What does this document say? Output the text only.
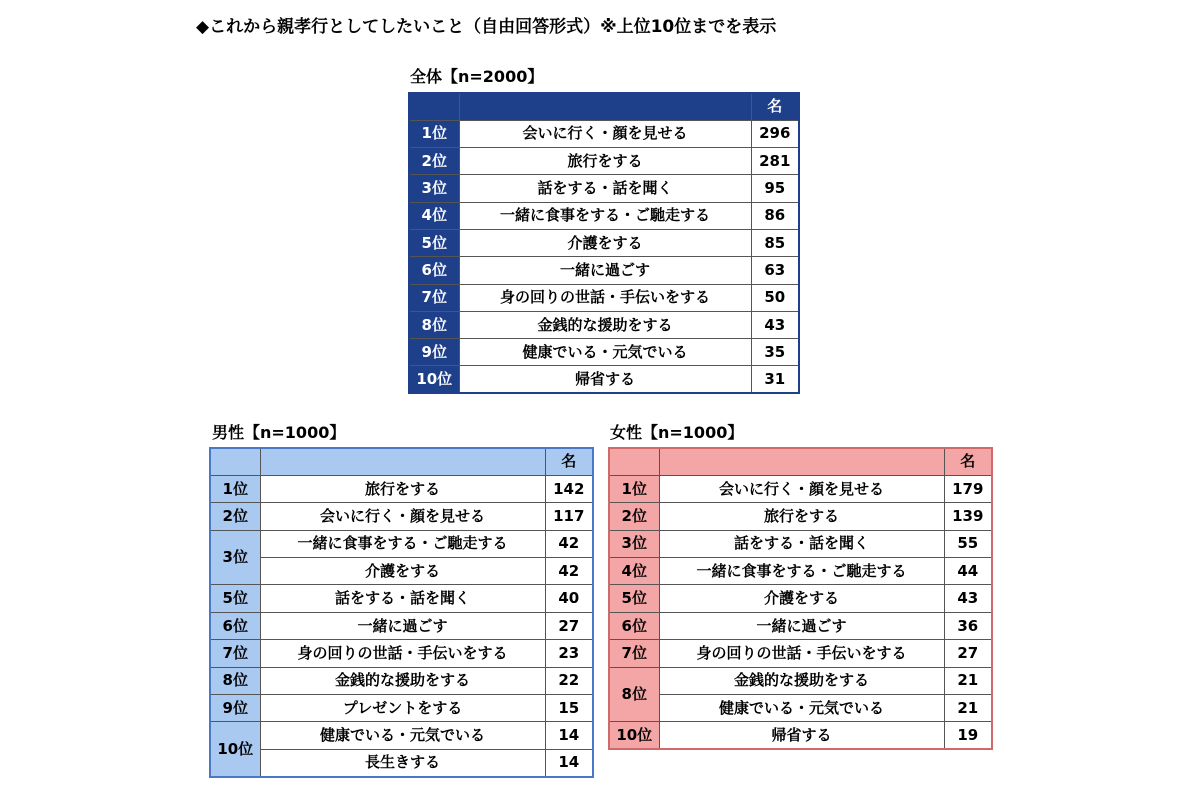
◆これから親孝行としてしたいこと（自由回答形式）※上位10位までを表示
全体【n=2000】
		名
1位	会いに行く・顔を見せる	296
2位	旅行をする	281
3位	話をする・話を聞く	95
4位	一緒に食事をする・ご馳走する	86
5位	介護をする	85
6位	一緒に過ごす	63
7位	身の回りの世話・手伝いをする	50
8位	金銭的な援助をする	43
9位	健康でいる・元気でいる	35
10位	帰省する	31
男性【n=1000】
		名
1位	旅行をする	142
2位	会いに行く・顔を見せる	117
3位	一緒に食事をする・ご馳走する	42
	介護をする	42
5位	話をする・話を聞く	40
6位	一緒に過ごす	27
7位	身の回りの世話・手伝いをする	23
8位	金銭的な援助をする	22
9位	プレゼントをする	15
10位	健康でいる・元気でいる	14
	長生きする	14
女性【n=1000】
		名
1位	会いに行く・顔を見せる	179
2位	旅行をする	139
3位	話をする・話を聞く	55
4位	一緒に食事をする・ご馳走する	44
5位	介護をする	43
6位	一緒に過ごす	36
7位	身の回りの世話・手伝いをする	27
8位	金銭的な援助をする	21
	健康でいる・元気でいる	21
10位	帰省する	19
